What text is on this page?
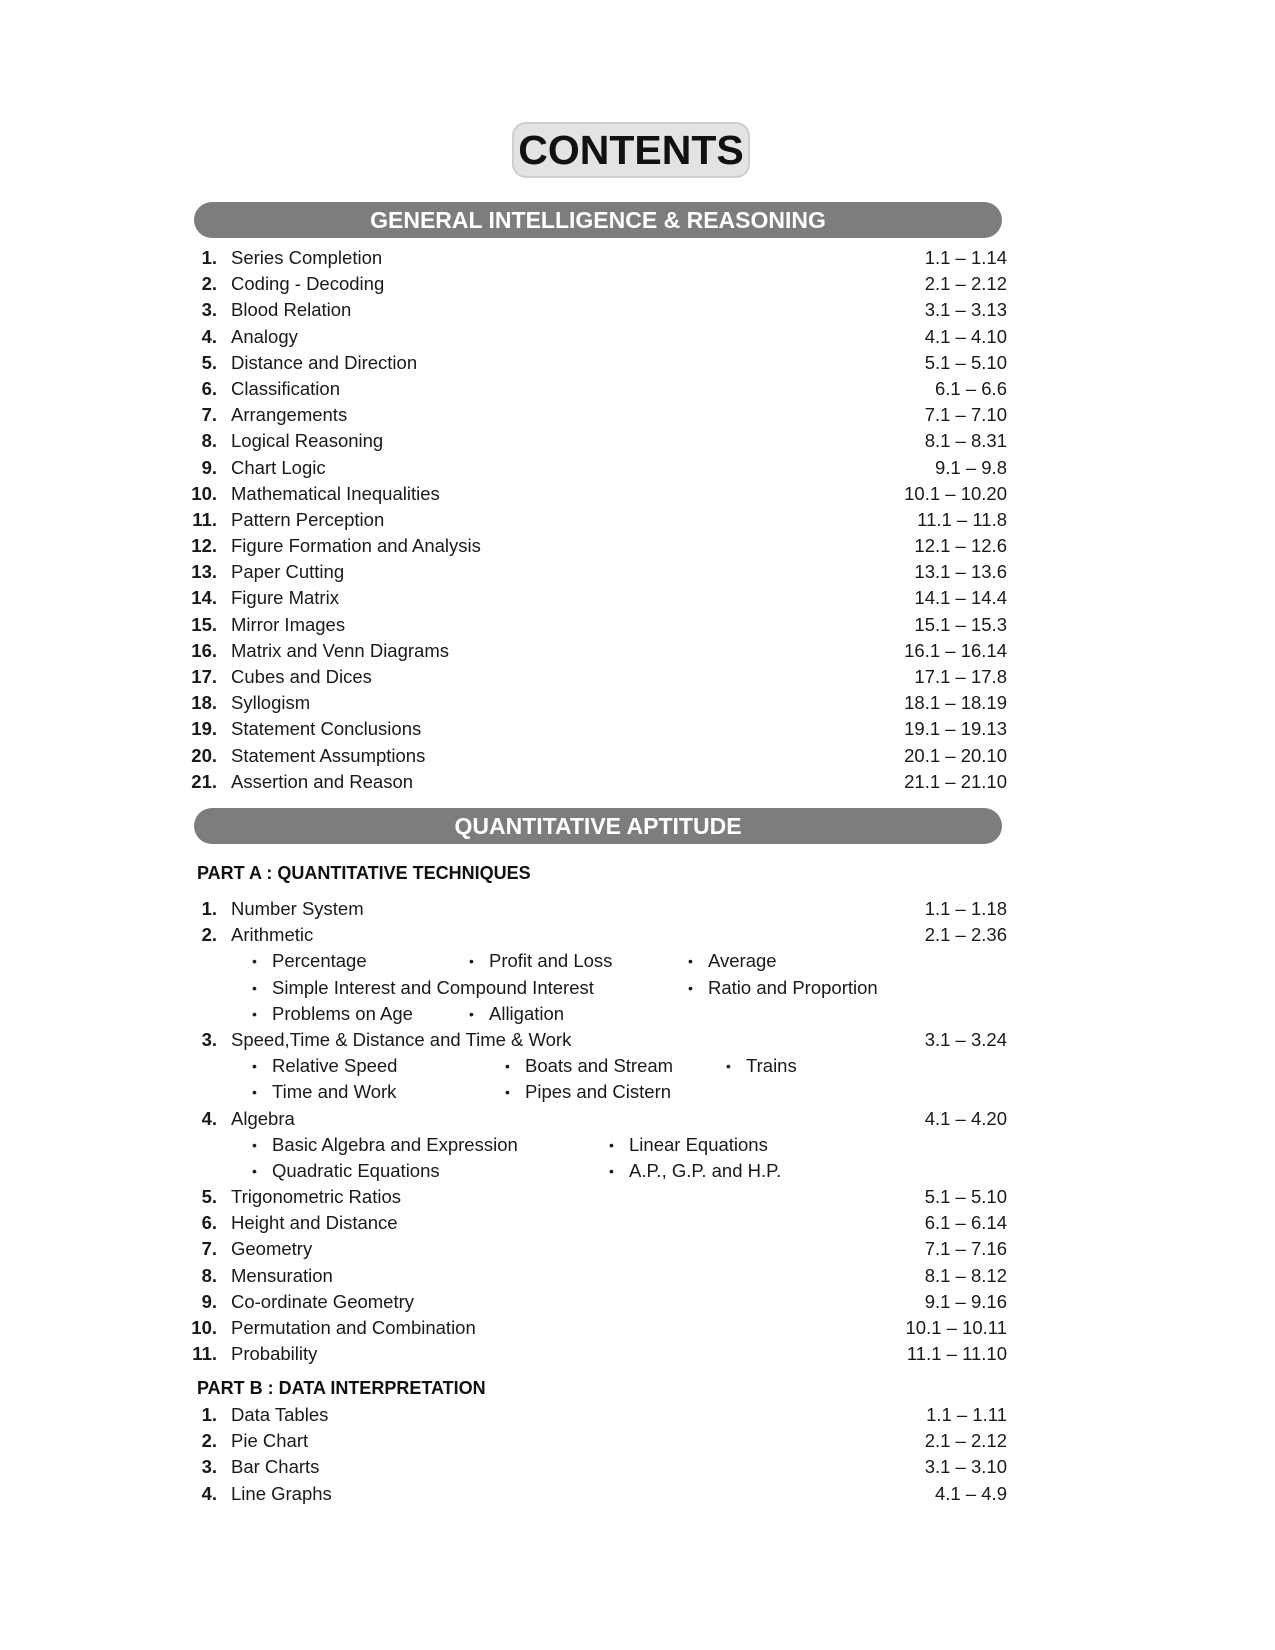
CONTENTS
GENERAL INTELLIGENCE & REASONING
1. Series Completion	1.1 – 1.14
2. Coding - Decoding	2.1 – 2.12
3. Blood Relation	3.1 – 3.13
4. Analogy	4.1 – 4.10
5. Distance and Direction	5.1 – 5.10
6. Classification	6.1 – 6.6
7. Arrangements	7.1 – 7.10
8. Logical Reasoning	8.1 – 8.31
9. Chart Logic	9.1 – 9.8
10. Mathematical Inequalities	10.1 – 10.20
11. Pattern Perception	11.1 – 11.8
12. Figure Formation and Analysis	12.1 – 12.6
13. Paper Cutting	13.1 – 13.6
14. Figure Matrix	14.1 – 14.4
15. Mirror Images	15.1 – 15.3
16. Matrix and Venn Diagrams	16.1 – 16.14
17. Cubes and Dices	17.1 – 17.8
18. Syllogism	18.1 – 18.19
19. Statement Conclusions	19.1 – 19.13
20. Statement Assumptions	20.1 – 20.10
21. Assertion and Reason	21.1 – 21.10
QUANTITATIVE APTITUDE
PART A : QUANTITATIVE TECHNIQUES
1. Number System	1.1 – 1.18
2. Arithmetic	2.1 – 2.36
• Percentage	• Profit and Loss	• Average
• Simple Interest and Compound Interest	• Ratio and Proportion
• Problems on Age	• Alligation
3. Speed,Time & Distance and Time & Work	3.1 – 3.24
• Relative Speed	• Boats and Stream	• Trains
• Time and Work	• Pipes and Cistern
4. Algebra	4.1 – 4.20
• Basic Algebra and Expression	• Linear Equations
• Quadratic Equations	• A.P., G.P. and H.P.
5. Trigonometric Ratios	5.1 – 5.10
6. Height and Distance	6.1 – 6.14
7. Geometry	7.1 – 7.16
8. Mensuration	8.1 – 8.12
9. Co-ordinate Geometry	9.1 – 9.16
10. Permutation and Combination	10.1 – 10.11
11. Probability	11.1 – 11.10
PART B : DATA INTERPRETATION
1. Data Tables	1.1 – 1.11
2. Pie Chart	2.1 – 2.12
3. Bar Charts	3.1 – 3.10
4. Line Graphs	4.1 – 4.9
